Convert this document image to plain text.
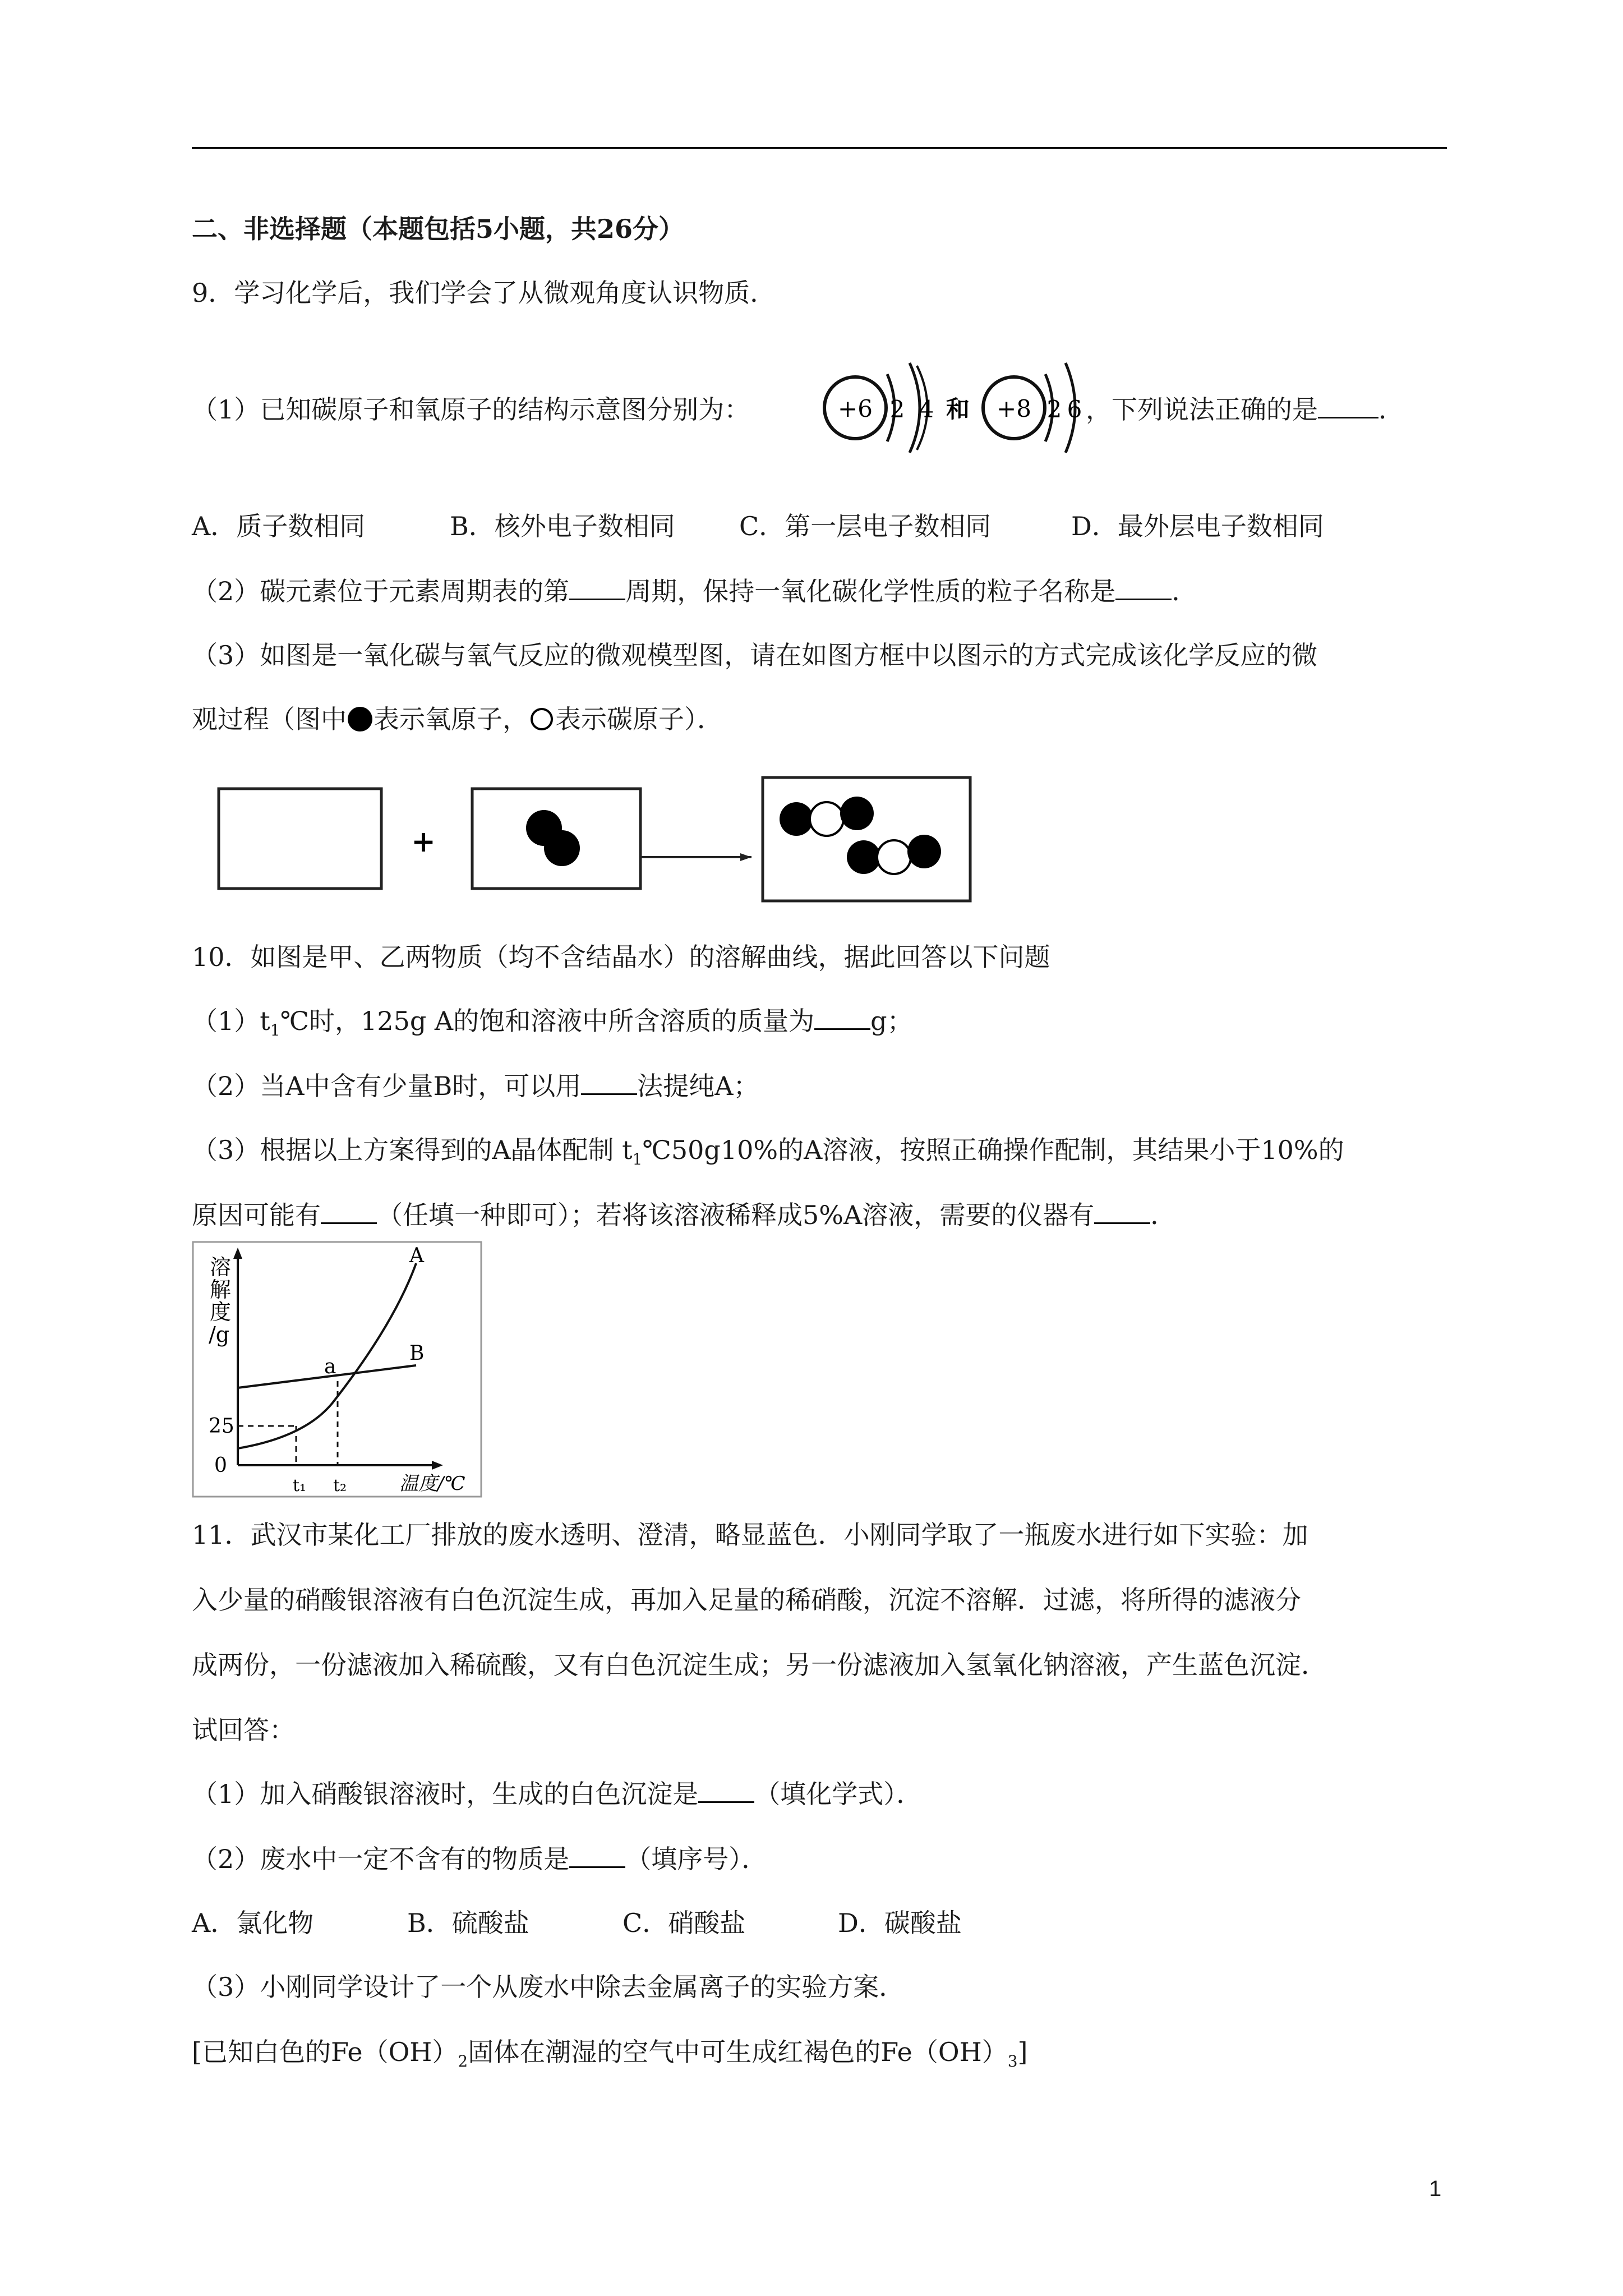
二、非选择题（本题包括5小题，共26分）
9．学习化学后，我们学会了从微观角度认识物质．
（1）已知碳原子和氧原子的结构示意图分别为：	+6 2 4 和 +8 2 6 ，下列说法正确的是 ．
A．质子数相同	B．核外电子数相同 C．第一层电子数相同	D．最外层电子数相同
（2）碳元素位于元素周期表的第 周期，保持一氧化碳化学性质的粒子名称是 ．
（3）如图是一氧化碳与氧气反应的微观模型图，请在如图方框中以图示的方式完成该化学反应的微
观过程（图中 表示氧原子， 表示碳原子）．
+
10．如图是甲、乙两物质（均不含结晶水）的溶解曲线，据此回答以下问题
$(1)t_1℃$时，125g A的饱和溶液中所含溶质的质量为 g；
（2）当A中含有少量B时，可以用 法提纯A；
（3）根据以上方案得到的A晶体配制 $t_1℃50g10\%$的A溶液，按照正确操作配制，其结果小于10%的
原因可能有 （任填一种即可）；若将该溶液稀释成5%A溶液，需要的仪器有 ．
溶
解
度
/g
0
25
t₁ t₂	温度/℃
A
B
a
11．武汉市某化工厂排放的废水透明、澄清，略显蓝色．小刚同学取了一瓶废水进行如下实验：加
入少量的硝酸银溶液有白色沉淀生成，再加入足量的稀硝酸，沉淀不溶解．过滤，将所得的滤液分
成两份，一份滤液加入稀硫酸，又有白色沉淀生成；另一份滤液加入氢氧化钠溶液，产生蓝色沉淀．
试回答：
（1）加入硝酸银溶液时，生成的白色沉淀是 （填化学式）．
（2）废水中一定不含有的物质是 （填序号）．
A．氯化物	B．硫酸盐	C．硝酸盐	D．碳酸盐
（3）小刚同学设计了一个从废水中除去金属离子的实验方案．
[已知白色的$Fe(OH)_2$固体在潮湿的空气中可生成红褐色的$Fe(OH)_3$]
1
